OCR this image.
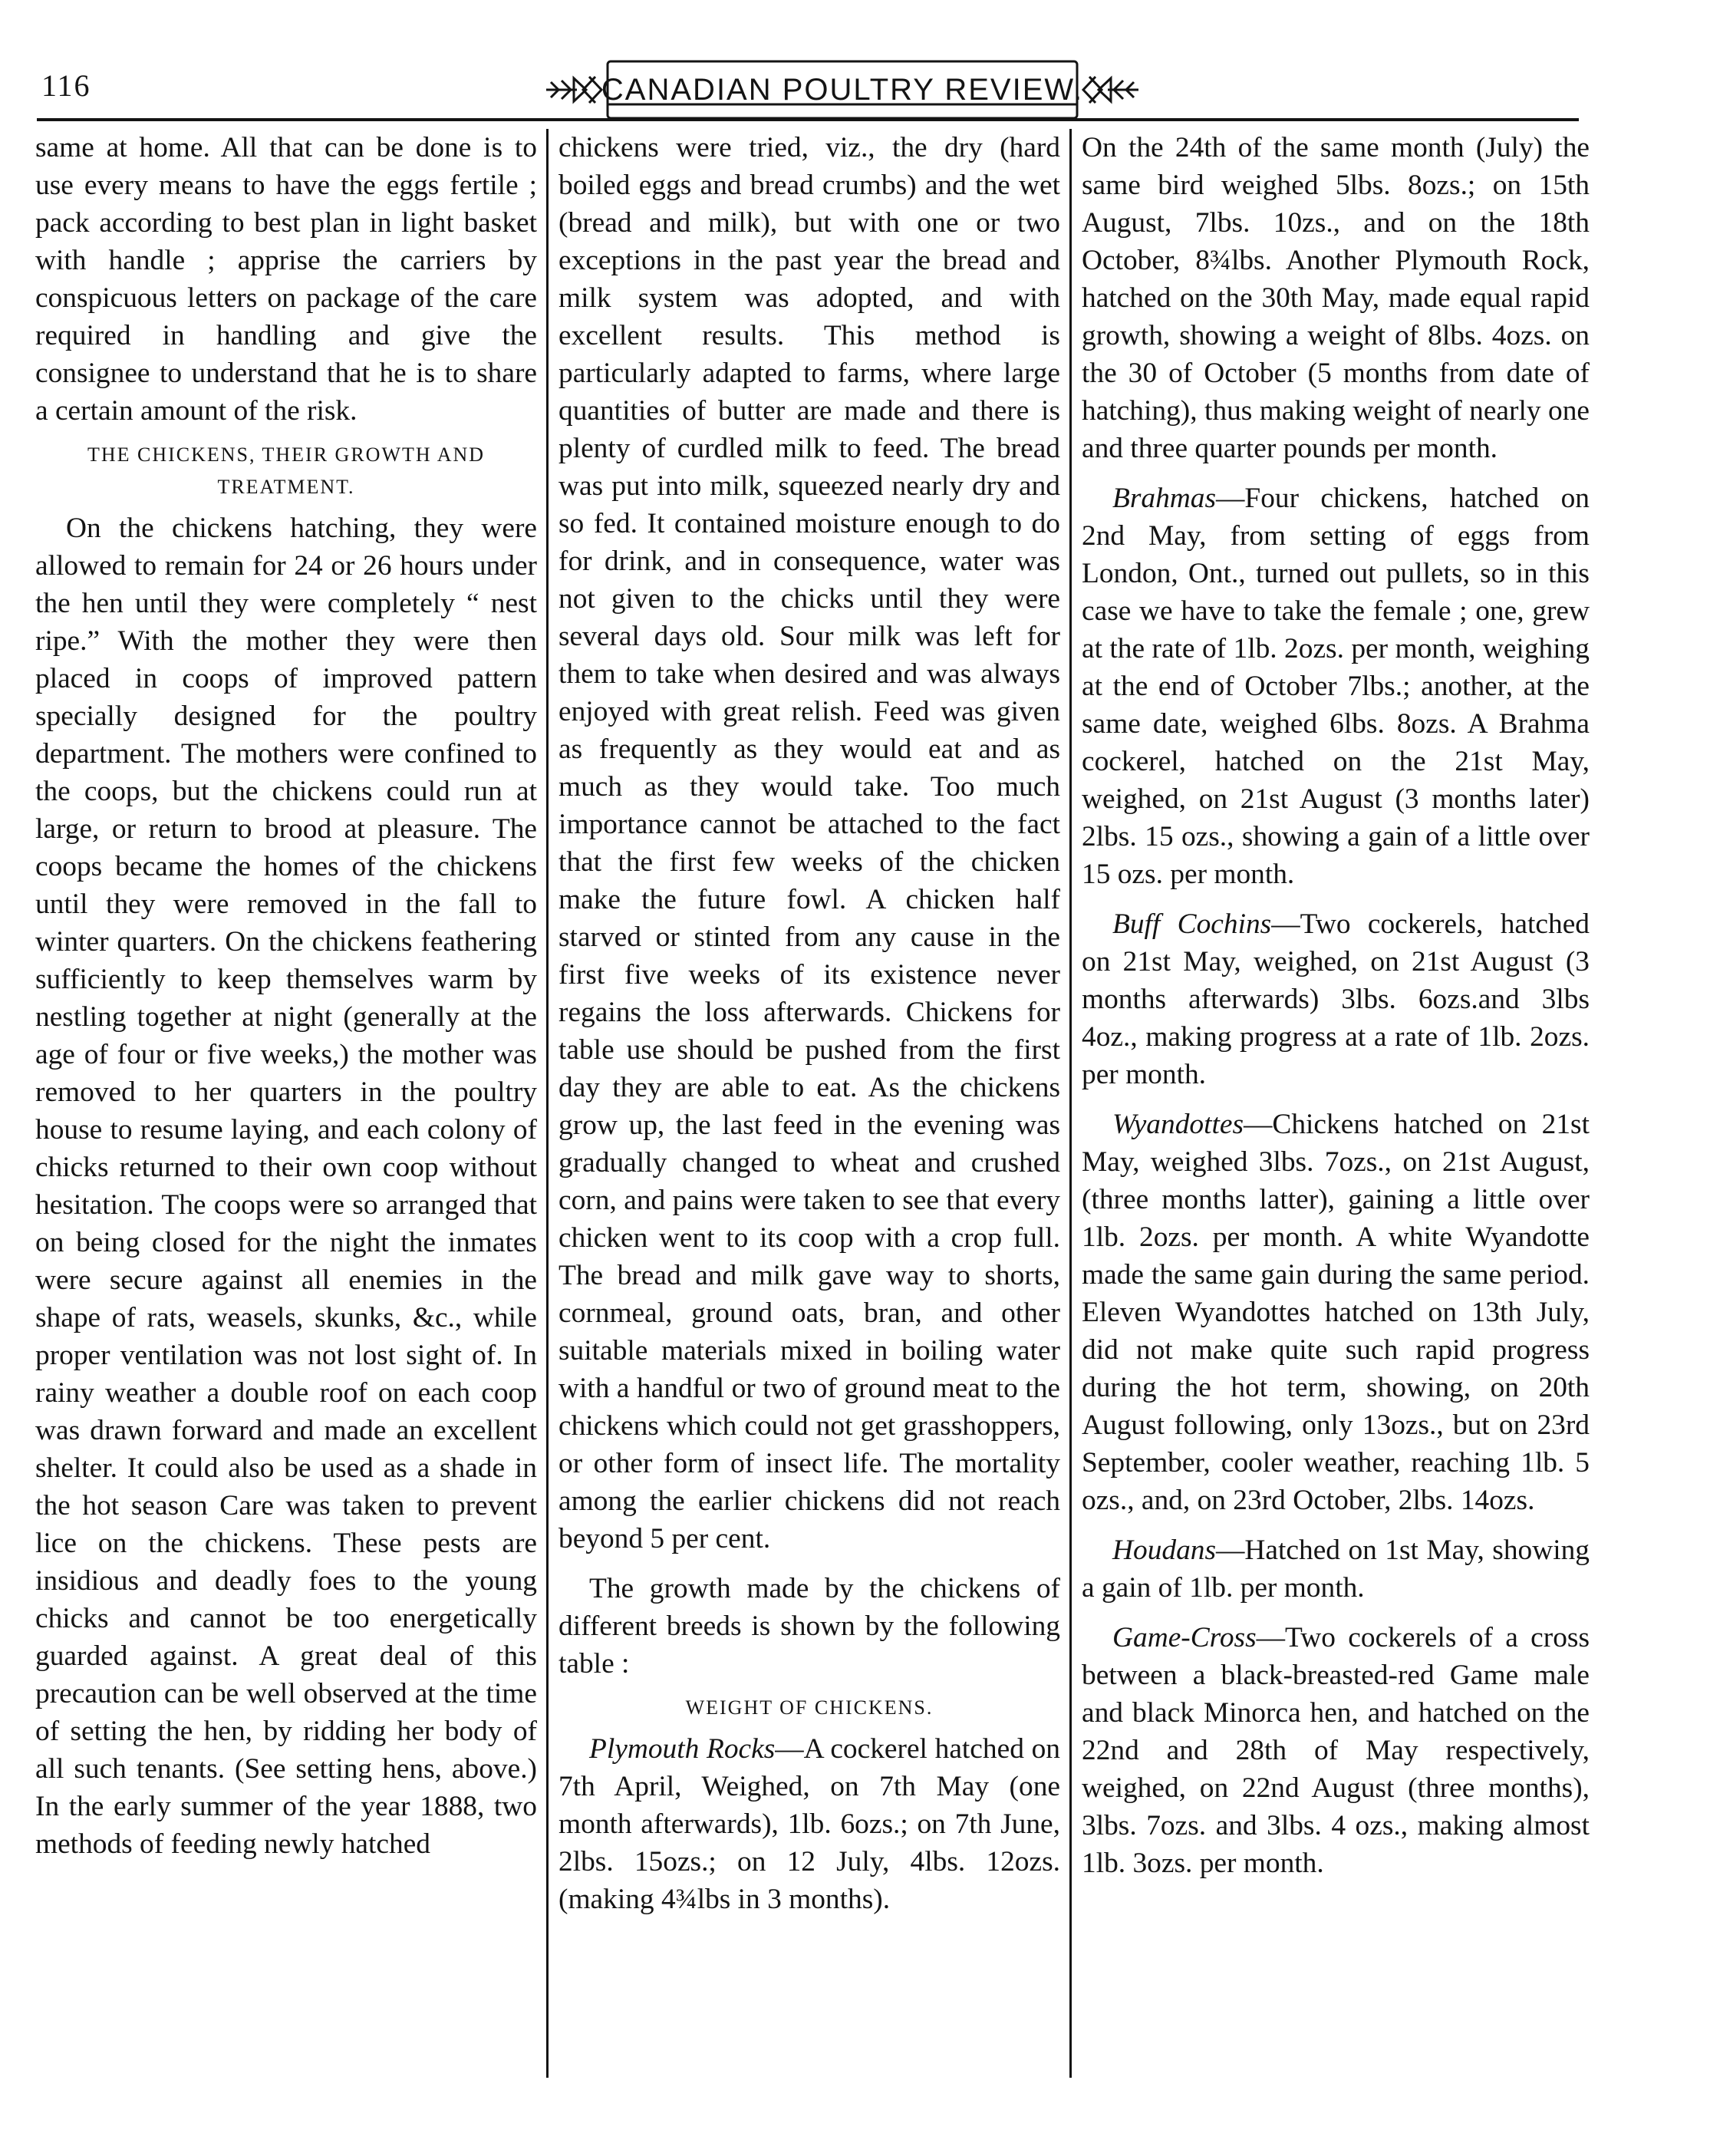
116	CANADIAN POULTRY REVIEW.

same at home. All that can be done is to use every means to have the eggs fertile ; pack according to best plan in light basket with handle ; apprise the carriers by conspicuous letters on package of the care required in handling and give the consignee to understand that he is to share a certain amount of the risk.

THE CHICKENS, THEIR GROWTH AND TREATMENT.

On the chickens hatching, they were allowed to remain for 24 or 26 hours under the hen until they were completely “ nest ripe.” With the mother they were then placed in coops of improved pattern specially designed for the poultry department. The mothers were confined to the coops, but the chickens could run at large, or return to brood at pleasure. The coops became the homes of the chickens until they were removed in the fall to winter quarters. On the chickens feathering sufficiently to keep themselves warm by nestling together at night (generally at the age of four or five weeks,) the mother was removed to her quarters in the poultry house to resume laying, and each colony of chicks returned to their own coop without hesitation. The coops were so arranged that on being closed for the night the inmates were secure against all enemies in the shape of rats, weasels, skunks, &c., while proper ventilation was not lost sight of. In rainy weather a double roof on each coop was drawn forward and made an excellent shelter. It could also be used as a shade in the hot season Care was taken to prevent lice on the chickens. These pests are insidious and deadly foes to the young chicks and cannot be too energetically guarded against. A great deal of this precaution can be well observed at the time of setting the hen, by ridding her body of all such tenants. (See setting hens, above.) In the early summer of the year 1888, two methods of feeding newly hatched

chickens were tried, viz., the dry (hard boiled eggs and bread crumbs) and the wet (bread and milk), but with one or two exceptions in the past year the bread and milk system was adopted, and with excellent results. This method is particularly adapted to farms, where large quantities of butter are made and there is plenty of curdled milk to feed. The bread was put into milk, squeezed nearly dry and so fed. It contained moisture enough to do for drink, and in consequence, water was not given to the chicks until they were several days old. Sour milk was left for them to take when desired and was always enjoyed with great relish. Feed was given as frequently as they would eat and as much as they would take. Too much importance cannot be attached to the fact that the first few weeks of the chicken make the future fowl. A chicken half starved or stinted from any cause in the first five weeks of its existence never regains the loss afterwards. Chickens for table use should be pushed from the first day they are able to eat. As the chickens grow up, the last feed in the evening was gradually changed to wheat and crushed corn, and pains were taken to see that every chicken went to its coop with a crop full. The bread and milk gave way to shorts, cornmeal, ground oats, bran, and other suitable materials mixed in boiling water with a handful or two of ground meat to the chickens which could not get grasshoppers, or other form of insect life. The mortality among the earlier chickens did not reach beyond 5 per cent.

The growth made by the chickens of different breeds is shown by the following table :

WEIGHT OF CHICKENS.

Plymouth Rocks—A cockerel hatched on 7th April, Weighed, on 7th May (one month afterwards), 1lb. 6ozs.; on 7th June, 2lbs. 15ozs.; on 12 July, 4lbs. 12ozs. (making 4¾lbs in 3 months).

On the 24th of the same month (July) the same bird weighed 5lbs. 8ozs.; on 15th August, 7lbs. 10zs., and on the 18th October, 8¾lbs. Another Plymouth Rock, hatched on the 30th May, made equal rapid growth, showing a weight of 8lbs. 4ozs. on the 30 of October (5 months from date of hatching), thus making weight of nearly one and three quarter pounds per month.

Brahmas—Four chickens, hatched on 2nd May, from setting of eggs from London, Ont., turned out pullets, so in this case we have to take the female ; one, grew at the rate of 1lb. 2ozs. per month, weighing at the end of October 7lbs.; another, at the same date, weighed 6lbs. 8ozs. A Brahma cockerel, hatched on the 21st May, weighed, on 21st August (3 months later) 2lbs. 15 ozs., showing a gain of a little over 15 ozs. per month.

Buff Cochins—Two cockerels, hatched on 21st May, weighed, on 21st August (3 months afterwards) 3lbs. 6ozs.and 3lbs 4oz., making progress at a rate of 1lb. 2ozs. per month.

Wyandottes—Chickens hatched on 21st May, weighed 3lbs. 7ozs., on 21st August, (three months latter), gaining a little over 1lb. 2ozs. per month. A white Wyandotte made the same gain during the same period. Eleven Wyandottes hatched on 13th July, did not make quite such rapid progress during the hot term, showing, on 20th August following, only 13ozs., but on 23rd September, cooler weather, reaching 1lb. 5 ozs., and, on 23rd October, 2lbs. 14ozs.

Houdans—Hatched on 1st May, showing a gain of 1lb. per month.

Game-Cross—Two cockerels of a cross between a black-breasted-red Game male and black Minorca hen, and hatched on the 22nd and 28th of May respectively, weighed, on 22nd August (three months), 3lbs. 7ozs. and 3lbs. 4 ozs., making almost 1lb. 3ozs. per month.
